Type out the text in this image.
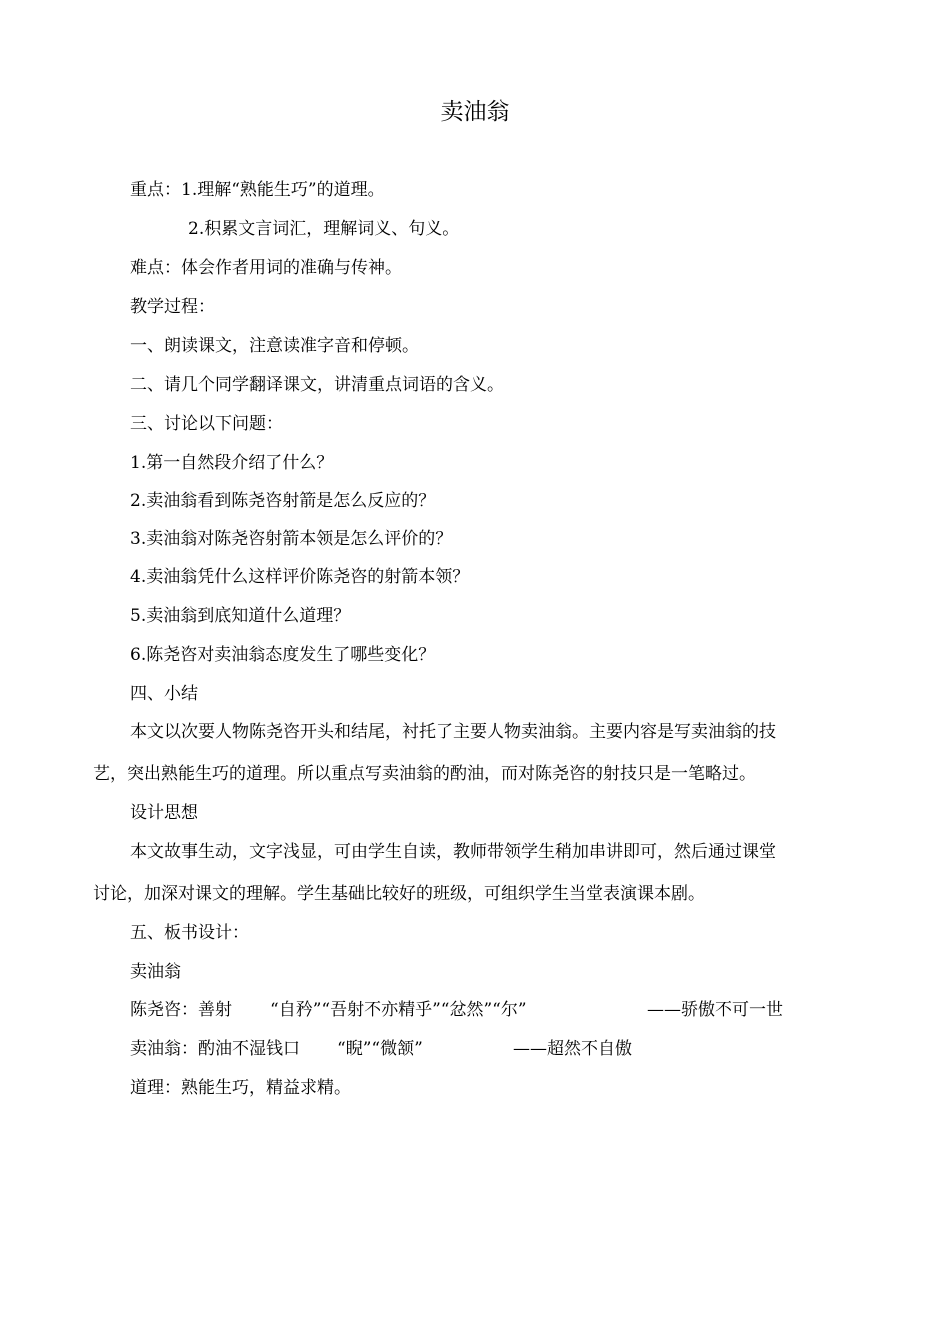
卖油翁
重点：1.理解“熟能生巧”的道理。
2.积累文言词汇，理解词义、句义。
难点：体会作者用词的准确与传神。
教学过程：
一、朗读课文，注意读准字音和停顿。
二、请几个同学翻译课文，讲清重点词语的含义。
三、讨论以下问题：
1.第一自然段介绍了什么？
2.卖油翁看到陈尧咨射箭是怎么反应的？
3.卖油翁对陈尧咨射箭本领是怎么评价的？
4.卖油翁凭什么这样评价陈尧咨的射箭本领？
5.卖油翁到底知道什么道理？
6.陈尧咨对卖油翁态度发生了哪些变化？
四、小结
本文以次要人物陈尧咨开头和结尾，衬托了主要人物卖油翁。主要内容是写卖油翁的技
艺，突出熟能生巧的道理。所以重点写卖油翁的酌油，而对陈尧咨的射技只是一笔略过。
设计思想
本文故事生动，文字浅显，可由学生自读，教师带领学生稍加串讲即可，然后通过课堂
讨论，加深对课文的理解。学生基础比较好的班级，可组织学生当堂表演课本剧。
五、板书设计：
卖油翁
陈尧咨：善射 “自矜”“吾射不亦精乎”“忿然”“尔”	——骄傲不可一世
卖油翁：酌油不湿钱口 “睨”“微颔”	——超然不自傲
道理：熟能生巧，精益求精。
